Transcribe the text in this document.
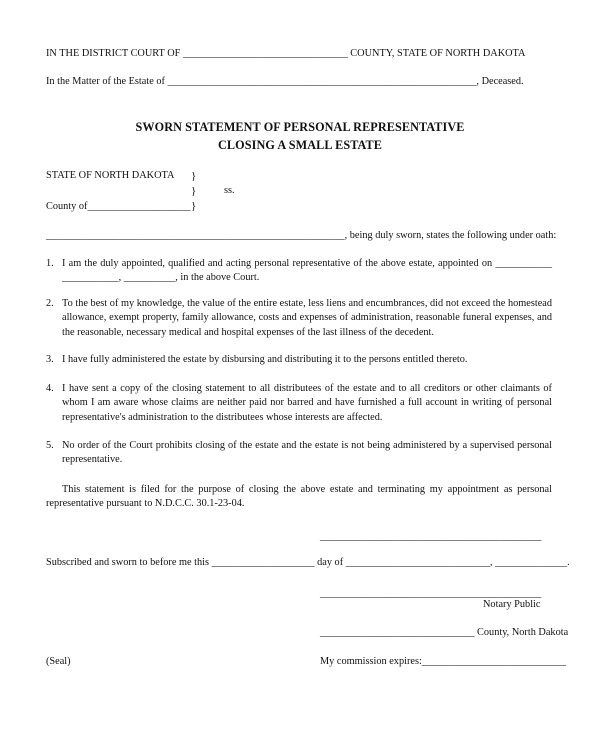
IN THE DISTRICT COURT OF ________________________________ COUNTY, STATE OF NORTH DAKOTA
In the Matter of the Estate of ____________________________________________________________, Deceased.
SWORN STATEMENT OF PERSONAL REPRESENTATIVE
CLOSING A SMALL ESTATE
STATE OF NORTH DAKOTA
County of____________________
}
}
}
ss.
__________________________________________________________, being duly sworn, states the following under oath:
1. I am the duly appointed, qualified and acting personal representative of the above estate, appointed on ___________ ___________, __________, in the above Court.
2. To the best of my knowledge, the value of the entire estate, less liens and encumbrances, did not exceed the homestead allowance, exempt property, family allowance, costs and expenses of administration, reasonable funeral expenses, and the reasonable, necessary medical and hospital expenses of the last illness of the decedent.
3. I have fully administered the estate by disbursing and distributing it to the persons entitled thereto.
4. I have sent a copy of the closing statement to all distributees of the estate and to all creditors or other claimants of whom I am aware whose claims are neither paid nor barred and have furnished a full account in writing of personal representative's administration to the distributees whose interests are affected.
5. No order of the Court prohibits closing of the estate and the estate is not being administered by a supervised personal representative.
This statement is filed for the purpose of closing the above estate and terminating my appointment as personal representative pursuant to N.D.C.C. 30.1-23-04.
___________________________________________
Subscribed and sworn to before me this ____________________ day of ____________________________, ______________.
___________________________________________
Notary Public
______________________________ County, North Dakota
My commission expires:____________________________
(Seal)
